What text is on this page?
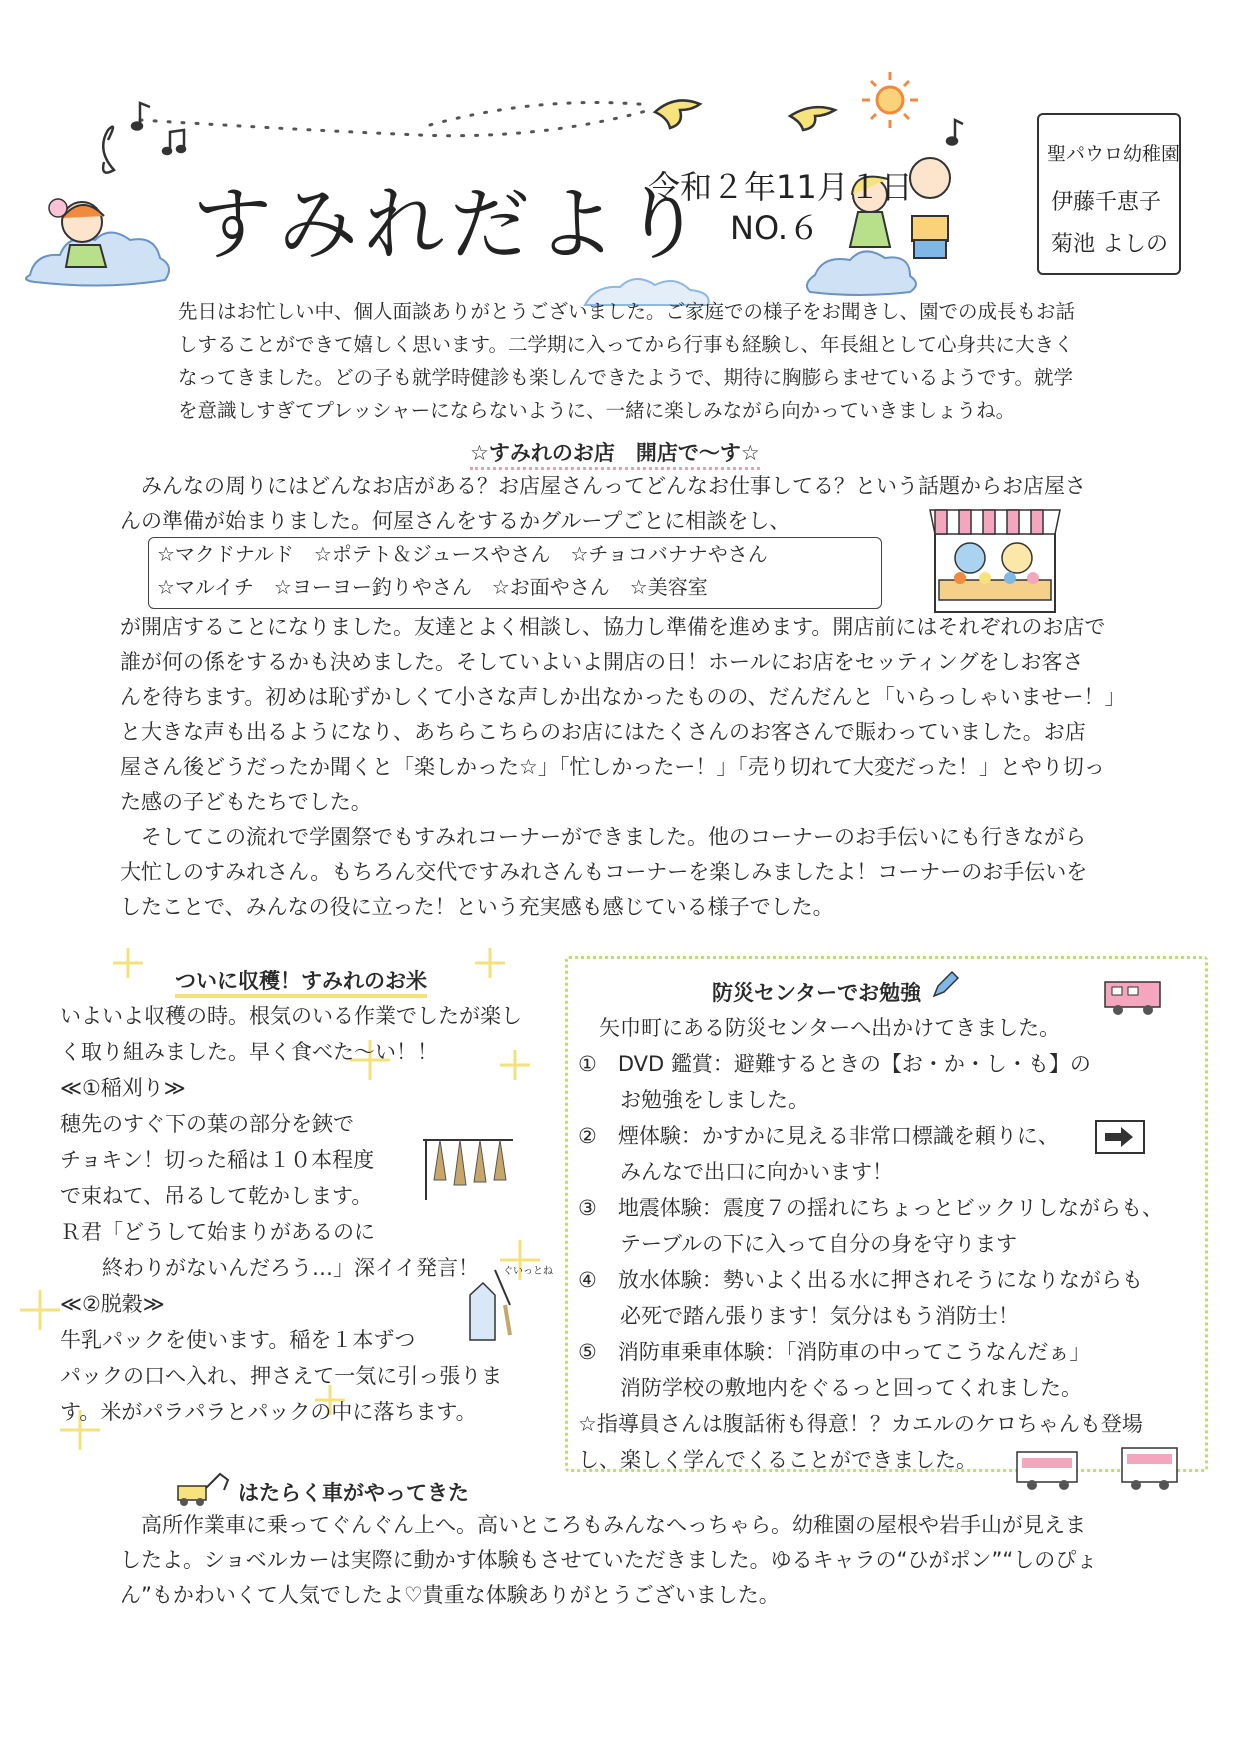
すみれだより
令和２年11月１日
NO.６
聖パウロ幼稚園
伊藤千恵子
菊池 よしの

先日はお忙しい中、個人面談ありがとうございました。ご家庭での様子をお聞きし、園での成長もお話

しすることができて嬉しく思います。二学期に入ってから行事も経験し、年長組として心身共に大きく

なってきました。どの子も就学時健診も楽しんできたようで、期待に胸膨らませているようです。就学

を意識しすぎてプレッシャーにならないように、一緒に楽しみながら向かっていきましょうね。

☆すみれのお店　開店で～す☆

　みんなの周りにはどんなお店がある？お店屋さんってどんなお仕事してる？という話題からお店屋さ

んの準備が始まりました。何屋さんをするかグループごとに相談をし、

☆マクドナルド　☆ポテト＆ジュースやさん　☆チョコバナナやさん

☆マルイチ　☆ヨーヨー釣りやさん　☆お面やさん　☆美容室

が開店することになりました。友達とよく相談し、協力し準備を進めます。開店前にはそれぞれのお店で

誰が何の係をするかも決めました。そしていよいよ開店の日！ホールにお店をセッティングをしお客さ

んを待ちます。初めは恥ずかしくて小さな声しか出なかったものの、だんだんと「いらっしゃいませー！」

と大きな声も出るようになり、あちらこちらのお店にはたくさんのお客さんで賑わっていました。お店

屋さん後どうだったか聞くと「楽しかった☆」「忙しかったー！」「売り切れて大変だった！」とやり切っ

た感の子どもたちでした。

　そしてこの流れで学園祭でもすみれコーナーができました。他のコーナーのお手伝いにも行きながら

大忙しのすみれさん。もちろん交代ですみれさんもコーナーを楽しみましたよ！コーナーのお手伝いを

したことで、みんなの役に立った！という充実感も感じている様子でした。

ついに収穫！すみれのお米

いよいよ収穫の時。根気のいる作業でしたが楽し

く取り組みました。早く食べた～い！！

≪①稲刈り≫

穂先のすぐ下の葉の部分を鋏で

チョキン！切った稲は１０本程度

で束ねて、吊るして乾かします。

Ｒ君「どうして始まりがあるのに

　　終わりがないんだろう…」深イイ発言！

≪②脱穀≫

牛乳パックを使います。稲を１本ずつ

パックの口へ入れ、押さえて一気に引っ張りま

す。米がパラパラとパックの中に落ちます。

ぐいっとね
防災センターでお勉強

　矢巾町にある防災センターへ出かけてきました。

①　DVD 鑑賞：避難するときの【お・か・し・も】の

　　お勉強をしました。

②　煙体験：かすかに見える非常口標識を頼りに、

　　みんなで出口に向かいます！

③　地震体験：震度７の揺れにちょっとビックリしながらも、

　　テーブルの下に入って自分の身を守ります

④　放水体験：勢いよく出る水に押されそうになりながらも

　　必死で踏ん張ります！気分はもう消防士！

⑤　消防車乗車体験：「消防車の中ってこうなんだぁ」

　　消防学校の敷地内をぐるっと回ってくれました。

☆指導員さんは腹話術も得意！？カエルのケロちゃんも登場

し、楽しく学んでくることができました。

はたらく車がやってきた

　高所作業車に乗ってぐんぐん上へ。高いところもみんなへっちゃら。幼稚園の屋根や岩手山が見えま

したよ。ショベルカーは実際に動かす体験もさせていただきました。ゆるキャラの“ひがポン”“しのぴょ

ん”もかわいくて人気でしたよ♡貴重な体験ありがとうございました。
